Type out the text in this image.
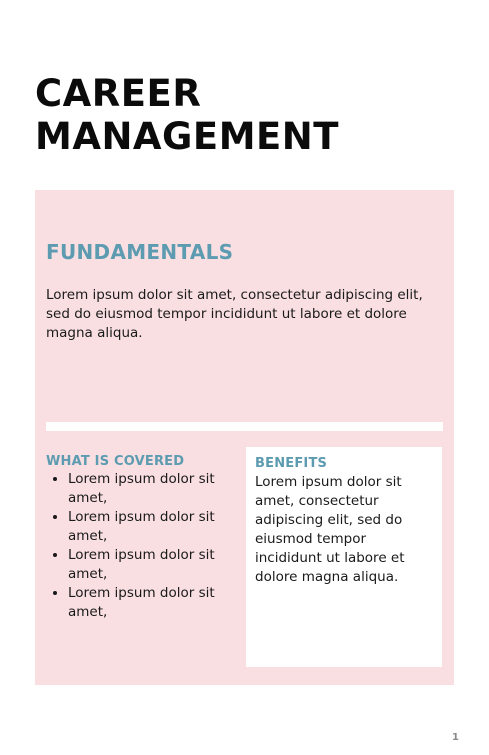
CAREER
MANAGEMENT
FUNDAMENTALS

Lorem ipsum dolor sit amet, consectetur adipiscing elit, sed do eiusmod tempor incididunt ut labore et dolore magna aliqua.

WHAT IS COVERED
• Lorem ipsum dolor sit amet,
• Lorem ipsum dolor sit amet,
• Lorem ipsum dolor sit amet,
• Lorem ipsum dolor sit amet,
BENEFITS

Lorem ipsum dolor sit amet, consectetur adipiscing elit, sed do eiusmod tempor incididunt ut labore et dolore magna aliqua.

1
